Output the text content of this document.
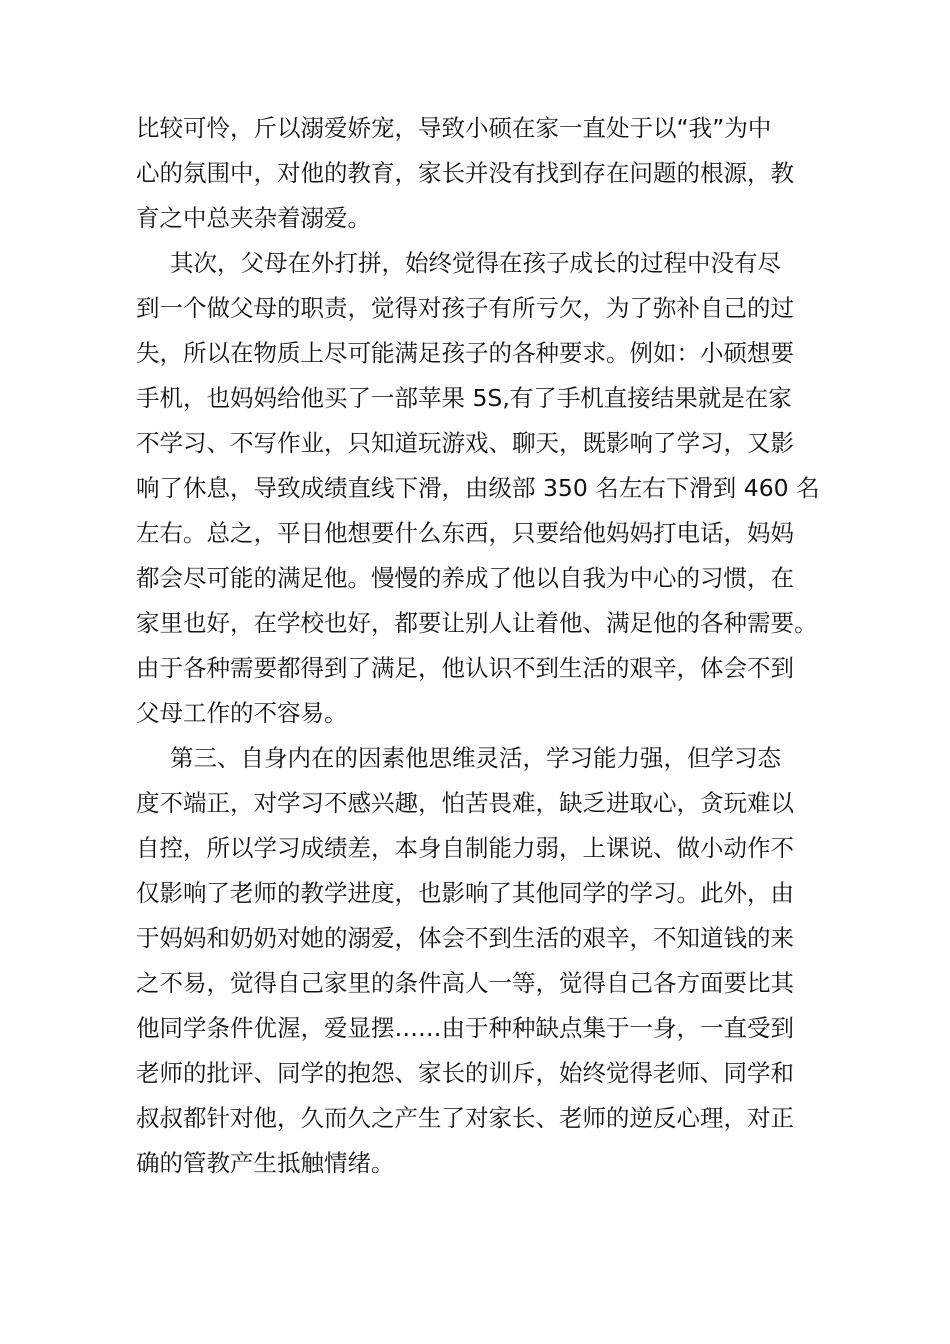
比较可怜，斤以溺爱娇宠，导致小硕在家一直处于以“我”为中

心的氛围中，对他的教育，家长并没有找到存在问题的根源，教

育之中总夹杂着溺爱。

其次，父母在外打拼，始终觉得在孩子成长的过程中没有尽

到一个做父母的职责，觉得对孩子有所亏欠，为了弥补自己的过

失，所以在物质上尽可能满足孩子的各种要求。例如：小硕想要

手机，也妈妈给他买了一部苹果 5S,有了手机直接结果就是在家

不学习、不写作业，只知道玩游戏、聊天，既影响了学习，又影

响了休息，导致成绩直线下滑，由级部 350 名左右下滑到 460 名

左右。总之，平日他想要什么东西，只要给他妈妈打电话，妈妈

都会尽可能的满足他。慢慢的养成了他以自我为中心的习惯，在

家里也好，在学校也好，都要让别人让着他、满足他的各种需要。

由于各种需要都得到了满足，他认识不到生活的艰辛，体会不到

父母工作的不容易。

第三、自身内在的因素他思维灵活，学习能力强，但学习态

度不端正，对学习不感兴趣，怕苦畏难，缺乏进取心，贪玩难以

自控，所以学习成绩差，本身自制能力弱，上课说、做小动作不

仅影响了老师的教学进度，也影响了其他同学的学习。此外，由

于妈妈和奶奶对她的溺爱，体会不到生活的艰辛，不知道钱的来

之不易，觉得自己家里的条件高人一等，觉得自己各方面要比其

他同学条件优渥，爱显摆……由于种种缺点集于一身，一直受到

老师的批评、同学的抱怨、家长的训斥，始终觉得老师、同学和

叔叔都针对他，久而久之产生了对家长、老师的逆反心理，对正

确的管教产生抵触情绪。
